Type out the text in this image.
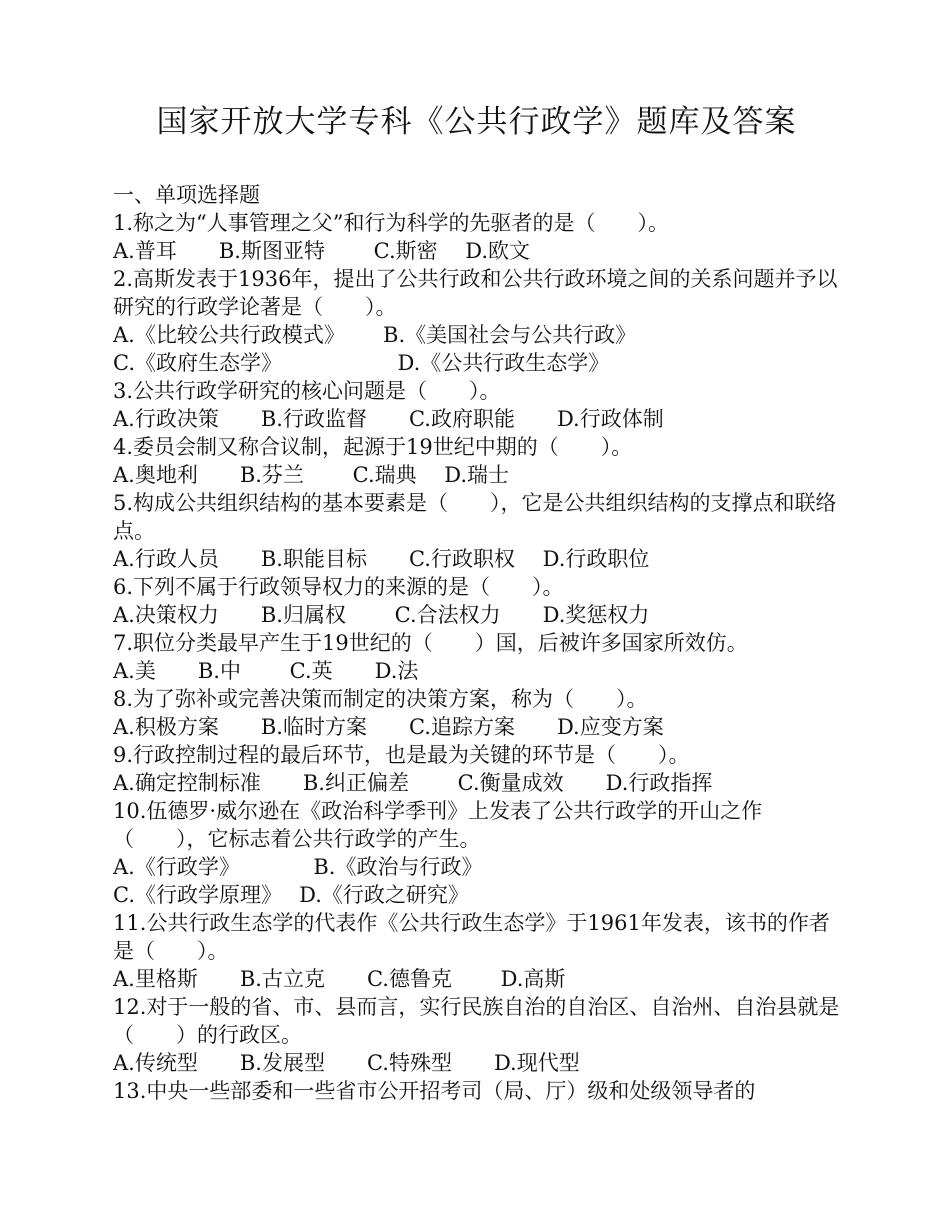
国家开放大学专科《公共行政学》题库及答案

一、单项选择题

1.称之为“人事管理之父”和行为科学的先驱者的是（　　）。

A.普耳　　B.斯图亚特　　 C.斯密　 D.欧文

2.高斯发表于1936年，提出了公共行政和公共行政环境之间的关系问题并予以研究的行政学论著是（　　）。

A.《比较公共行政模式》　　 B.《美国社会与公共行政》

C.《政府生态学》　　　　　　D.《公共行政生态学》

3.公共行政学研究的核心问题是（　　）。

A.行政决策　　B.行政监督　　C.政府职能　　D.行政体制

4.委员会制又称合议制，起源于19世纪中期的（　　）。

A.奥地利　　B.芬兰　　 C.瑞典　 D.瑞士

5.构成公共组织结构的基本要素是（　　），它是公共组织结构的支撑点和联络点。

A.行政人员　　B.职能目标　　C.行政职权　 D.行政职位

6.下列不属于行政领导权力的来源的是（　　）。

A.决策权力　　B.归属权　　 C.合法权力　　D.奖惩权力

7.职位分类最早产生于19世纪的（　　）国，后被许多国家所效仿。

A.美　　B.中　　 C.英　　D.法

8.为了弥补或完善决策而制定的决策方案，称为（　　）。

A.积极方案　　B.临时方案　　C.追踪方案　　D.应变方案

9.行政控制过程的最后环节，也是最为关键的环节是（　　）。

A.确定控制标准　　B.纠正偏差　　 C.衡量成效　　D.行政指挥

10.伍德罗·威尔逊在《政治科学季刊》上发表了公共行政学的开山之作（　　），它标志着公共行政学的产生。

A.《行政学》　　　　B.《政治与行政》

C.《行政学原理》　 D.《行政之研究》

11.公共行政生态学的代表作《公共行政生态学》于1961年发表，该书的作者是（　　）。

A.里格斯　　B.古立克　　C.德鲁克　　 D.高斯

12.对于一般的省、市、县而言，实行民族自治的自治区、自治州、自治县就是（　　）的行政区。

A.传统型　　B.发展型　　C.特殊型　　D.现代型

13.中央一些部委和一些省市公开招考司（局、厅）级和处级领导者的
